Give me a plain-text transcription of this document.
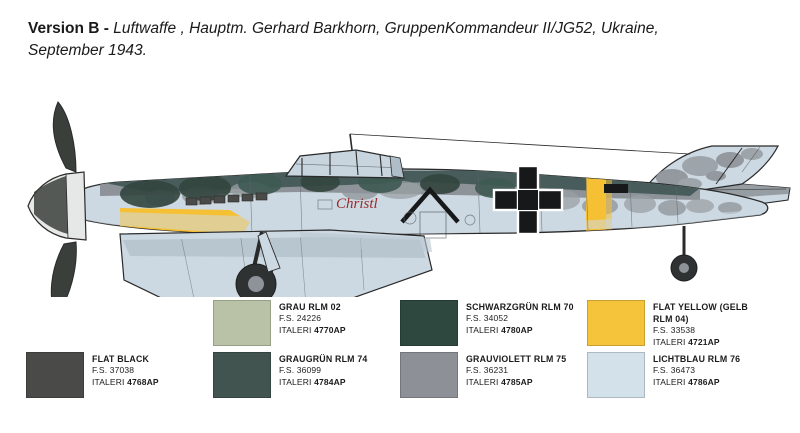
Version B - Luftwaffe , Hauptm. Gerhard Barkhorn, GruppenKommandeur II/JG52, Ukraine, September 1943.
Christl
GRAU RLM 02
F.S. 24226
ITALERI 4770AP
SCHWARZGRÜN RLM 70
F.S. 34052
ITALERI 4780AP
FLAT YELLOW (GELB RLM 04)
F.S. 33538
ITALERI 4721AP
FLAT BLACK
F.S. 37038
ITALERI 4768AP
GRAUGRÜN RLM 74
F.S. 36099
ITALERI 4784AP
GRAUVIOLETT RLM 75
F.S. 36231
ITALERI 4785AP
LICHTBLAU RLM 76
F.S. 36473
ITALERI 4786AP
